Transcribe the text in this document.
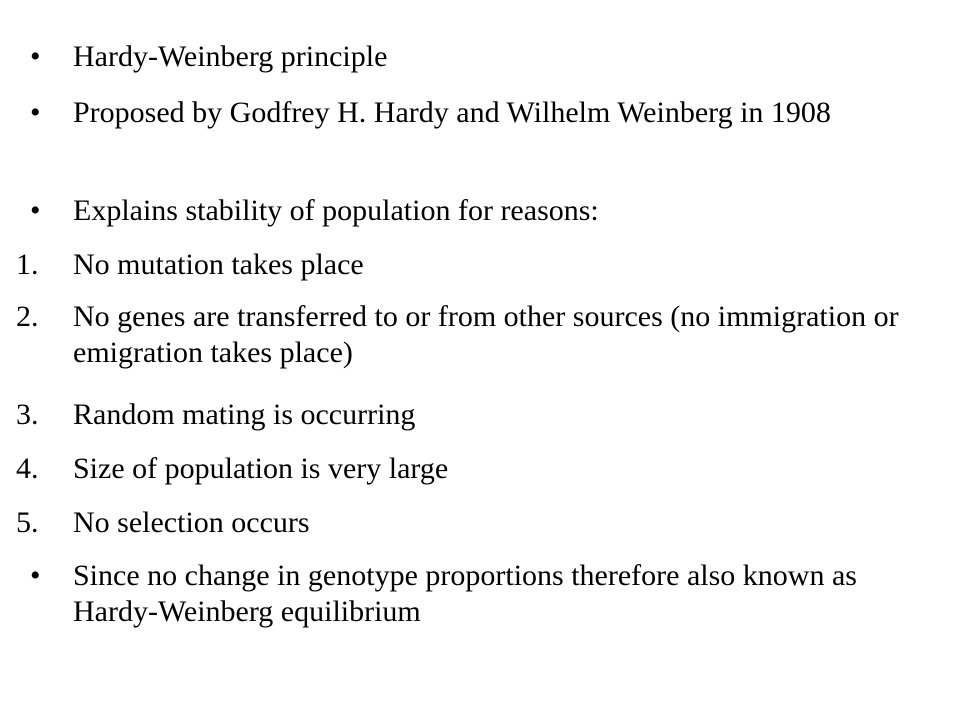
•	Hardy-Weinberg principle
•	Proposed by Godfrey H. Hardy and Wilhelm Weinberg in 1908
•	Explains stability of population for reasons:
1.	No mutation takes place
2.	No genes are transferred to or from other sources (no immigration or emigration takes place)
3.	Random mating is occurring
4.	Size of population is very large
5.	No selection occurs
•	Since no change in genotype proportions therefore also known as Hardy-Weinberg equilibrium
